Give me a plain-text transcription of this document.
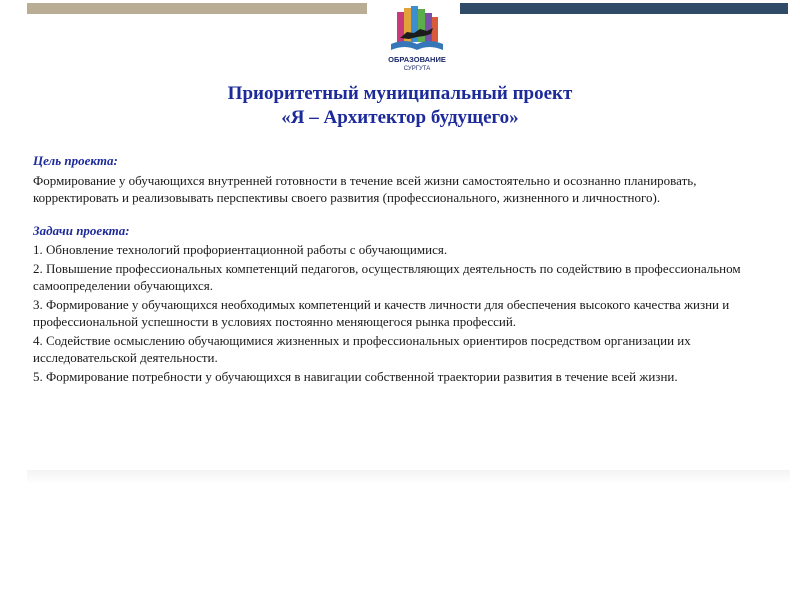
ОБРАЗОВАНИЕ
СУРГУТА
Приоритетный муниципальный проект
«Я – Архитектор будущего»

Цель проекта:

Формирование у обучающихся внутренней готовности в течение всей жизни самостоятельно и осознанно планировать, корректировать и реализовывать перспективы своего развития (профессионального, жизненного и личностного).

Задачи проекта:

1. Обновление технологий профориентационной работы с обучающимися.

2. Повышение профессиональных компетенций педагогов, осуществляющих деятельность по содействию в профессиональном самоопределении обучающихся.

3. Формирование у обучающихся необходимых компетенций и качеств личности для обеспечения высокого качества жизни и профессиональной успешности в условиях постоянно меняющегося рынка профессий.

4. Содействие осмыслению обучающимися жизненных и профессиональных ориентиров посредством организации их исследовательской деятельности.

5. Формирование потребности у обучающихся в навигации собственной траектории развития в течение всей жизни.
